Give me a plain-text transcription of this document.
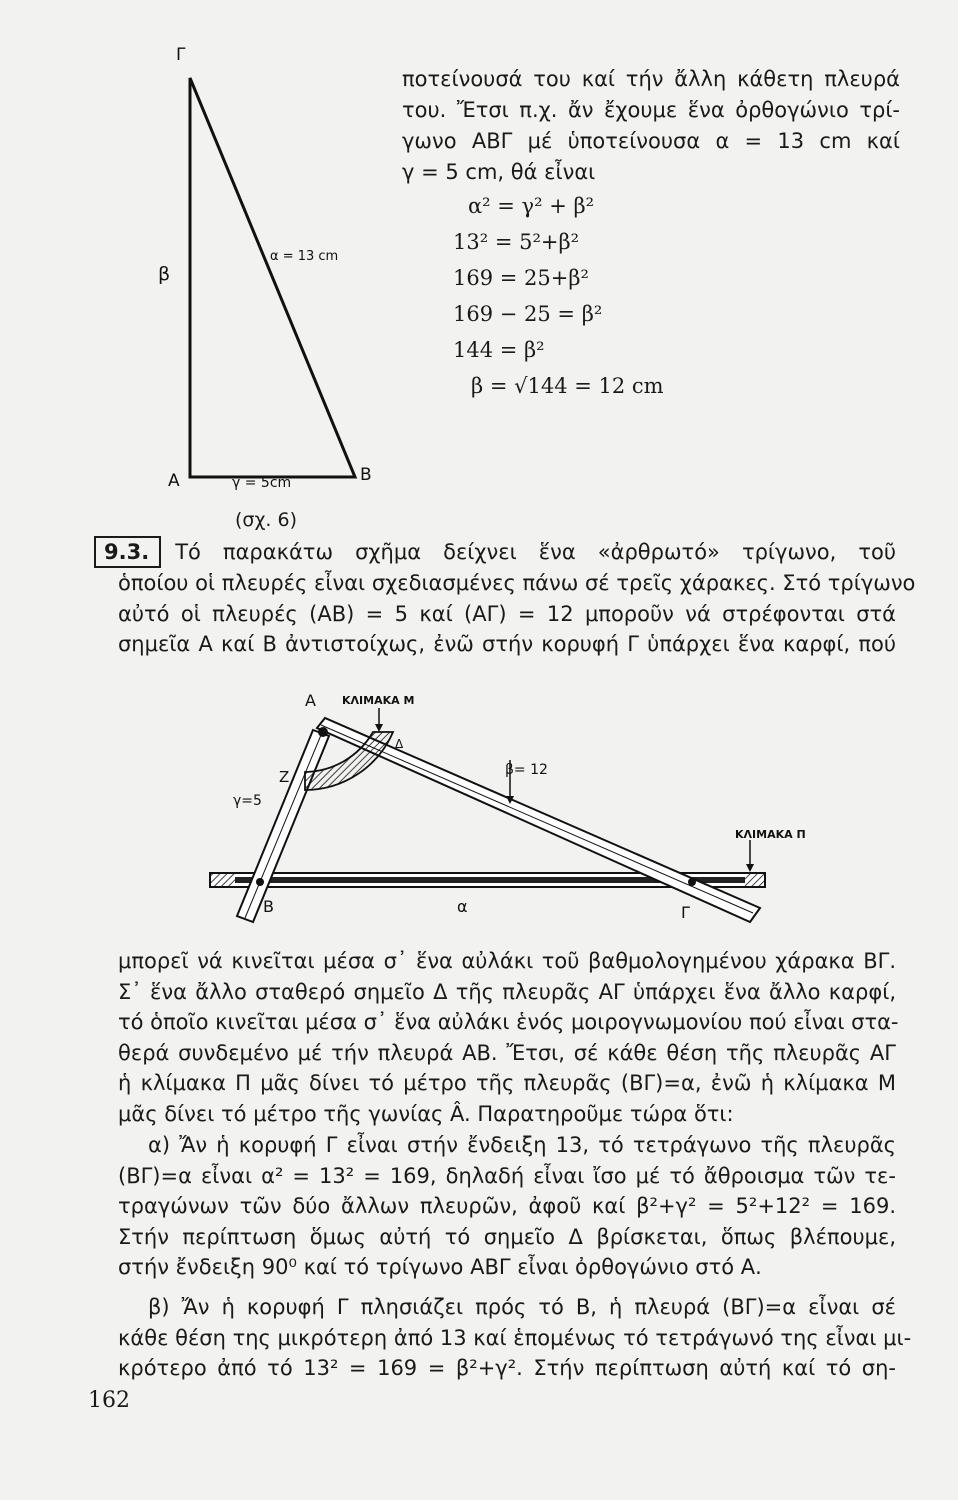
Γ
Α	Β
β
α = 13 cm
γ = 5cm
ποτείνουσά του καί τήν ἄλλη κάθετη πλευρά
του. Ἔτσι π.χ. ἄν ἔχουμε ἕνα ὀρθογώνιο τρί-
γωνο ΑΒΓ μέ ὑποτείνουσα α = 13 cm καί
γ = 5 cm, θά εἶναι
α² = γ² + β²
13² = 5²+β²
169 = 25+β²
169 − 25 = β²
144 = β²
β = √144 = 12 cm
(σχ. 6)
9.3. Τό παρακάτω σχῆμα δείχνει ἕνα «ἀρθρωτό» τρίγωνο, τοῦ
ὁποίου οἱ πλευρές εἶναι σχεδιασμένες πάνω σέ τρεῖς χάρακες. Στό τρίγωνο
αὐτό οἱ πλευρές (ΑΒ) = 5 καί (ΑΓ) = 12 μποροῦν νά στρέφονται στά
σημεῖα Α καί Β ἀντιστοίχως, ἐνῶ στήν κορυφή Γ ὑπάρχει ἕνα καρφί, πού
Α ΚΛΙΜΑΚΑ Μ
Δ
Ζ
γ=5
β= 12
ΚΛΙΜΑΚΑ Π
Β	α	Γ
μπορεῖ νά κινεῖται μέσα σ᾽ ἕνα αὐλάκι τοῦ βαθμολογημένου χάρακα ΒΓ.
Σ᾽ ἕνα ἄλλο σταθερό σημεῖο Δ τῆς πλευρᾶς ΑΓ ὑπάρχει ἕνα ἄλλο καρφί,
τό ὁποῖο κινεῖται μέσα σ᾽ ἕνα αὐλάκι ἑνός μοιρογνωμονίου πού εἶναι στα-
θερά συνδεμένο μέ τήν πλευρά ΑΒ. Ἔτσι, σέ κάθε θέση τῆς πλευρᾶς ΑΓ
ἡ κλίμακα Π μᾶς δίνει τό μέτρο τῆς πλευρᾶς (ΒΓ)=α, ἐνῶ ἡ κλίμακα Μ
μᾶς δίνει τό μέτρο τῆς γωνίας Â. Παρατηροῦμε τώρα ὅτι:
α) Ἄν ἡ κορυφή Γ εἶναι στήν ἔνδειξη 13, τό τετράγωνο τῆς πλευρᾶς
(ΒΓ)=α εἶναι α² = 13² = 169, δηλαδή εἶναι ἴσο μέ τό ἄθροισμα τῶν τε-
τραγώνων τῶν δύο ἄλλων πλευρῶν, ἀφοῦ καί β²+γ² = 5²+12² = 169.
Στήν περίπτωση ὅμως αὐτή τό σημεῖο Δ βρίσκεται, ὅπως βλέπουμε,
στήν ἔνδειξη 90⁰ καί τό τρίγωνο ΑΒΓ εἶναι ὀρθογώνιο στό Α.
β) Ἄν ἡ κορυφή Γ πλησιάζει πρός τό Β, ἡ πλευρά (ΒΓ)=α εἶναι σέ
κάθε θέση της μικρότερη ἀπό 13 καί ἑπομένως τό τετράγωνό της εἶναι μι-
κρότερο ἀπό τό 13² = 169 = β²+γ². Στήν περίπτωση αὐτή καί τό ση-
162
